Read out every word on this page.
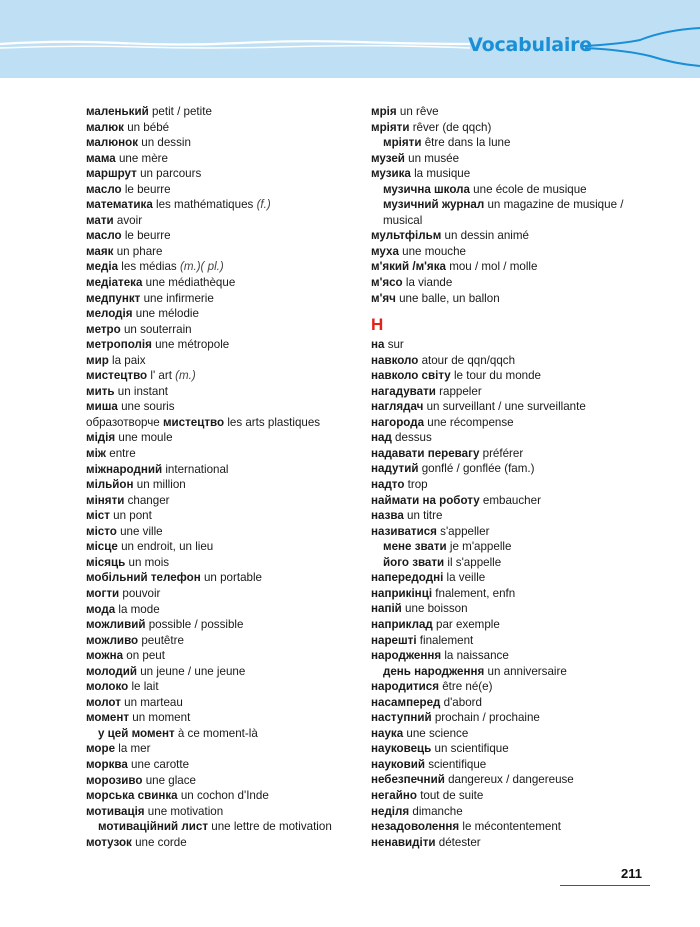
Vocabulaire
маленький petit / petite
малюк un bébé
малюнок un dessin
мама une mère
маршрут un parcours
масло le beurre
математика les mathématiques (f.)
мати avoir
масло le beurre
маяк un phare
медіа les médias (m.)( pl.)
медіатека une médiathèque
медпункт une infirmerie
мелодія une mélodie
метро un souterrain
метрополія une métropole
мир la paix
мистецтво l' art (m.)
мить un instant
миша une souris
образотворче мистецтво les arts plastiques
мідія une moule
між entre
міжнародний international
мільйон un million
міняти changer
міст un pont
місто une ville
місце un endroit, un lieu
місяць un mois
мобільний телефон un portable
могти pouvoir
мода la mode
можливий possible / possible
можливо peutêtre
можна on peut
молодий un jeune / une jeune
молоко le lait
молот un marteau
момент un moment
у цей момент à ce moment-là
море la mer
морква une carotte
морозиво une glace
морська свинка un cochon d'Inde
мотивація une motivation
мотиваційний лист une lettre de motivation
мотузок une corde
мрія un rêve
мріяти rêver (de qqch)
мріяти être dans la lune
музей un musée
музика la musique
музична школа une école de musique
музичний журнал un magazine de musique / musical
мультфільм un dessin animé
муха une mouche
м'який /м'яка mou / mol / molle
м'ясо la viande
м'яч une balle, un ballon
Н
на sur
навколо atour de qqn/qqch
навколо світу le tour du monde
нагадувати rappeler
наглядач un surveillant / une surveillante
нагорода une récompense
над dessus
надавати перевагу préférer
надутий gonflé / gonflée (fam.)
надто trop
наймати на роботу embaucher
назва un titre
називатися s'appeller
мене звати je m'appelle
його звати il s'appelle
напередодні la veille
наприкінці fnalement, enfn
напій une boisson
наприклад par exemple
нарешті finalement
народження la naissance
день народження un anniversaire
народитися être né(e)
насамперед d'abord
наступний prochain / prochaine
наука une science
науковець un scientifique
науковий scientifique
небезпечний dangereux / dangereuse
негайно tout de suite
неділя dimanche
незадоволення le mécontentement
ненавидіти détester
211
